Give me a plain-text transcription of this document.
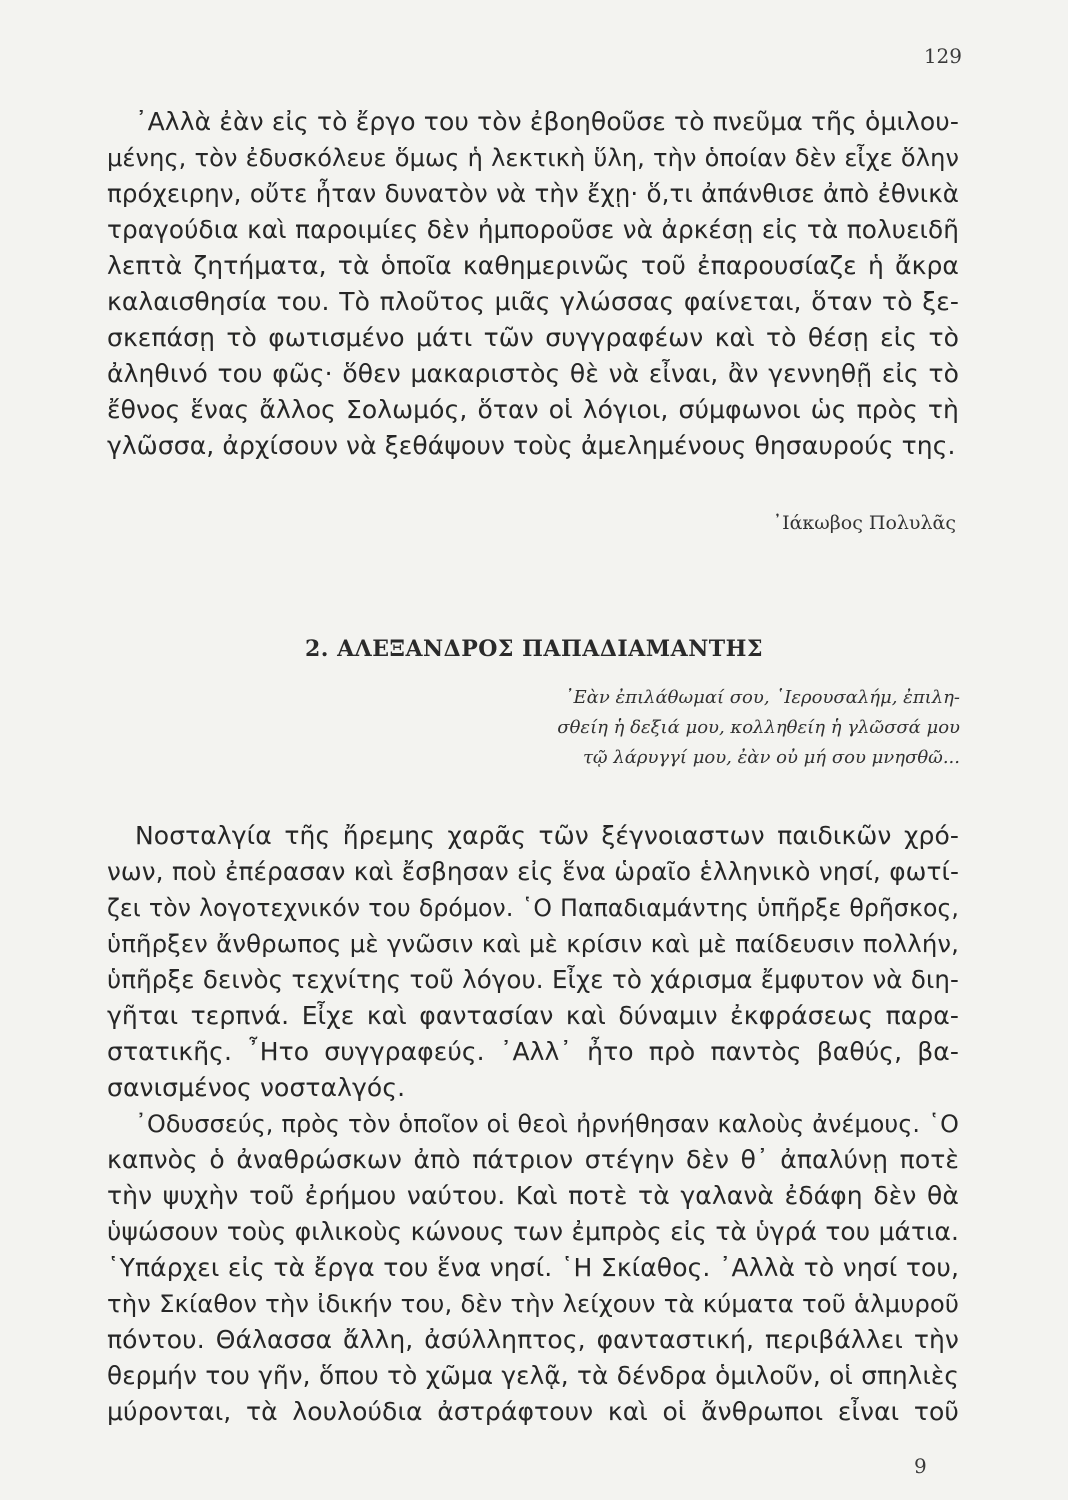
129
᾿Αλλὰ ἐὰν εἰς τὸ ἔργο του τὸν ἐβοηθοῦσε τὸ πνεῦμα τῆς ὁμιλου-
μένης, τὸν ἐδυσκόλευε ὅμως ἡ λεκτικὴ ὕλη, τὴν ὁποίαν δὲν εἶχε ὅλην
πρόχειρην, οὔτε ἦταν δυνατὸν νὰ τὴν ἔχῃ· ὅ,τι ἀπάνθισε ἀπὸ ἐθνικὰ
τραγούδια καὶ παροιμίες δὲν ἠμποροῦσε νὰ ἀρκέσῃ εἰς τὰ πολυειδῆ
λεπτὰ ζητήματα, τὰ ὁποῖα καθημερινῶς τοῦ ἐπαρουσίαζε ἡ ἄκρα
καλαισθησία του. Τὸ πλοῦτος μιᾶς γλώσσας φαίνεται, ὅταν τὸ ξε-
σκεπάσῃ τὸ φωτισμένο μάτι τῶν συγγραφέων καὶ τὸ θέσῃ εἰς τὸ
ἀληθινό του φῶς· ὅθεν μακαριστὸς θὲ νὰ εἶναι, ἂν γεννηθῇ εἰς τὸ
ἔθνος ἕνας ἄλλος Σολωμός, ὅταν οἱ λόγιοι, σύμφωνοι ὡς πρὸς τὴ
γλῶσσα, ἀρχίσουν νὰ ξεθάψουν τοὺς ἀμελημένους θησαυρούς της.
᾿Ιάκωβος Πολυλᾶς
2. ΑΛΕΞΑΝΔΡΟΣ ΠΑΠΑΔΙΑΜΑΝΤΗΣ
᾿Εὰν ἐπιλάθωμαί σου, ῾Ιερουσαλήμ, ἐπιλη-
σθείη ἡ δεξιά μου, κολληθείη ἡ γλῶσσά μου
τῷ λάρυγγί μου, ἐὰν οὐ μή σου μνησθῶ...
Νοσταλγία τῆς ἤρεμης χαρᾶς τῶν ξέγνοιαστων παιδικῶν χρό-
νων, ποὺ ἐπέρασαν καὶ ἔσβησαν εἰς ἕνα ὡραῖο ἑλληνικὸ νησί, φωτί-
ζει τὸν λογοτεχνικόν του δρόμον. ῾Ο Παπαδιαμάντης ὑπῆρξε θρῆσκος,
ὑπῆρξεν ἄνθρωπος μὲ γνῶσιν καὶ μὲ κρίσιν καὶ μὲ παίδευσιν πολλήν,
ὑπῆρξε δεινὸς τεχνίτης τοῦ λόγου. Εἶχε τὸ χάρισμα ἔμφυτον νὰ διη-
γῆται τερπνά. Εἶχε καὶ φαντασίαν καὶ δύναμιν ἐκφράσεως παρα-
στατικῆς. ῏Ητο συγγραφεύς. ᾿Αλλ᾿ ἦτο πρὸ παντὸς βαθύς, βα-
σανισμένος νοσταλγός.
᾿Οδυσσεύς, πρὸς τὸν ὁποῖον οἱ θεοὶ ἠρνήθησαν καλοὺς ἀνέμους. ῾Ο
καπνὸς ὁ ἀναθρώσκων ἀπὸ πάτριον στέγην δὲν θ᾿ ἀπαλύνῃ ποτὲ
τὴν ψυχὴν τοῦ ἐρήμου ναύτου. Καὶ ποτὲ τὰ γαλανὰ ἐδάφη δὲν θὰ
ὑψώσουν τοὺς φιλικοὺς κώνους των ἐμπρὸς εἰς τὰ ὑγρά του μάτια.
῾Υπάρχει εἰς τὰ ἔργα του ἕνα νησί. ῾Η Σκίαθος. ᾿Αλλὰ τὸ νησί του,
τὴν Σκίαθον τὴν ἰδικήν του, δὲν τὴν λείχουν τὰ κύματα τοῦ ἁλμυροῦ
πόντου. Θάλασσα ἄλλη, ἀσύλληπτος, φανταστική, περιβάλλει τὴν
θερμήν του γῆν, ὅπου τὸ χῶμα γελᾷ, τὰ δένδρα ὁμιλοῦν, οἱ σπηλιὲς
μύρονται, τὰ λουλούδια ἀστράφτουν καὶ οἱ ἄνθρωποι εἶναι τοῦ
9
